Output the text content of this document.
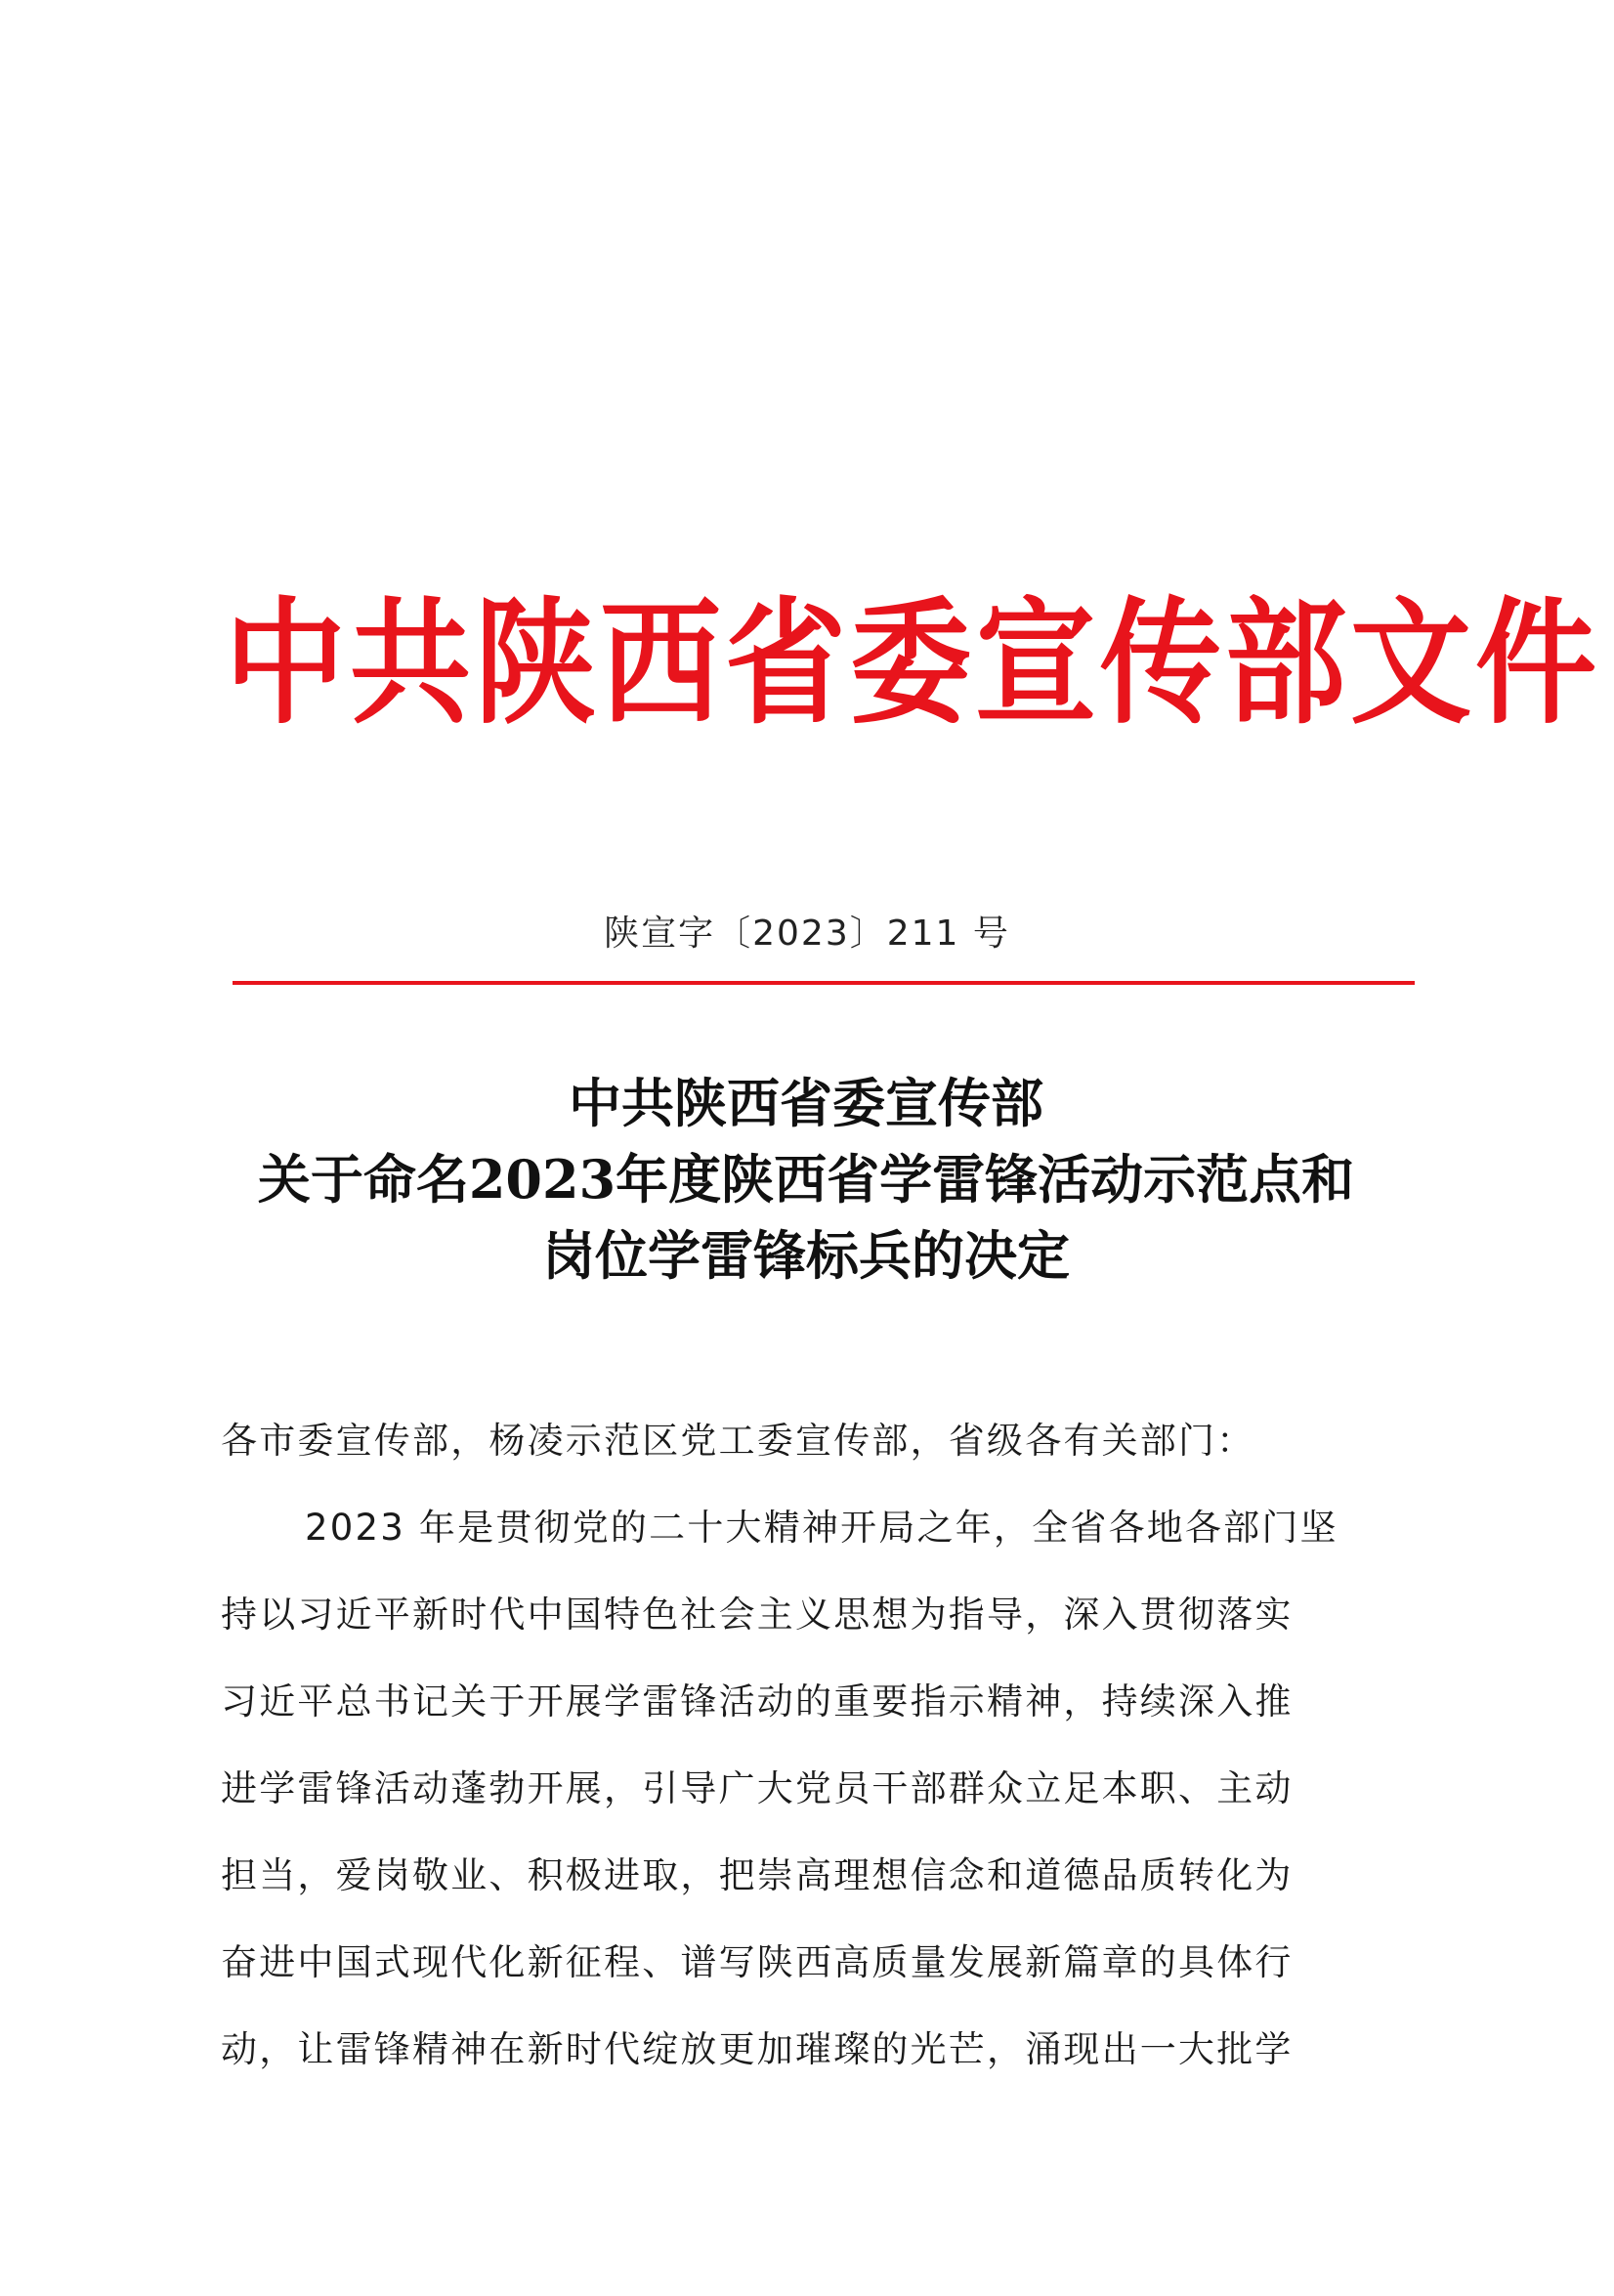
中共陕西省委宣传部文件
陕宣字〔2023〕211 号
中共陕西省委宣传部
关于命名2023年度陕西省学雷锋活动示范点和
岗位学雷锋标兵的决定
各市委宣传部，杨凌示范区党工委宣传部，省级各有关部门：
2023 年是贯彻党的二十大精神开局之年，全省各地各部门坚
持以习近平新时代中国特色社会主义思想为指导，深入贯彻落实
习近平总书记关于开展学雷锋活动的重要指示精神，持续深入推
进学雷锋活动蓬勃开展，引导广大党员干部群众立足本职、主动
担当，爱岗敬业、积极进取，把崇高理想信念和道德品质转化为
奋进中国式现代化新征程、谱写陕西高质量发展新篇章的具体行
动，让雷锋精神在新时代绽放更加璀璨的光芒，涌现出一大批学
